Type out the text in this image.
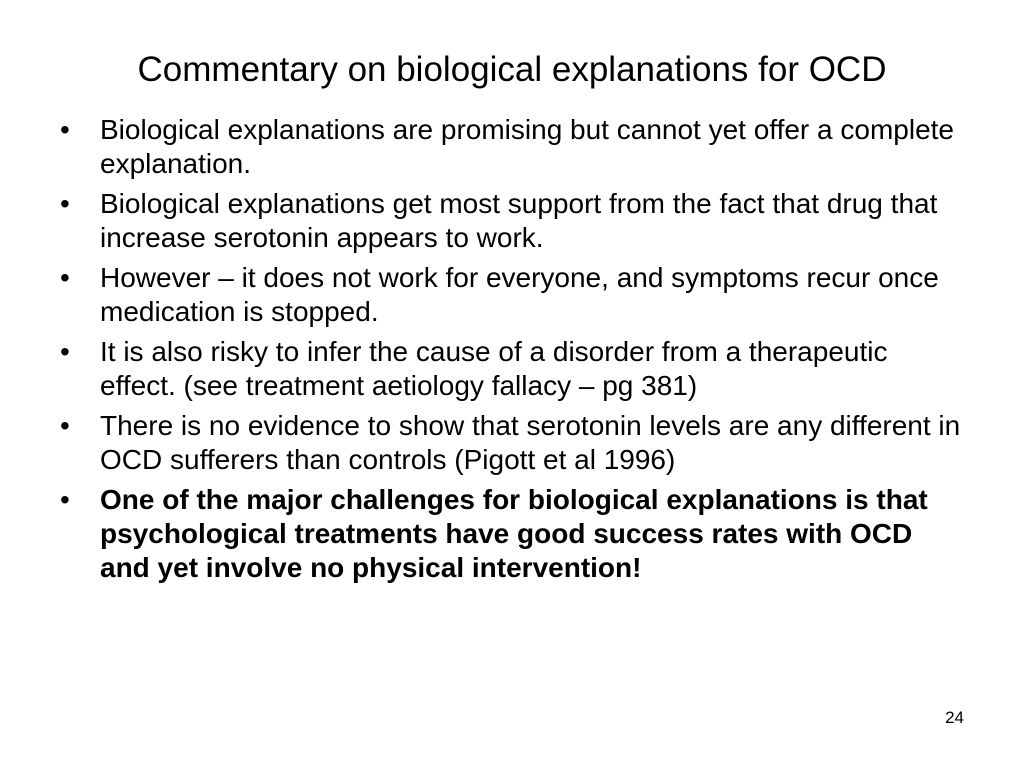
Commentary on biological explanations for OCD
•	Biological explanations are promising but cannot yet offer a complete explanation.
•	Biological explanations get most support from the fact that drug that increase serotonin appears to work.
•	However – it does not work for everyone, and symptoms recur once medication is stopped.
•	It is also risky to infer the cause of a disorder from a therapeutic effect. (see treatment aetiology fallacy – pg 381)
•	There is no evidence to show that serotonin levels are any different in OCD sufferers than controls (Pigott et al 1996)
•	One of the major challenges for biological explanations is that psychological treatments have good success rates with OCD and yet involve no physical intervention!
24
